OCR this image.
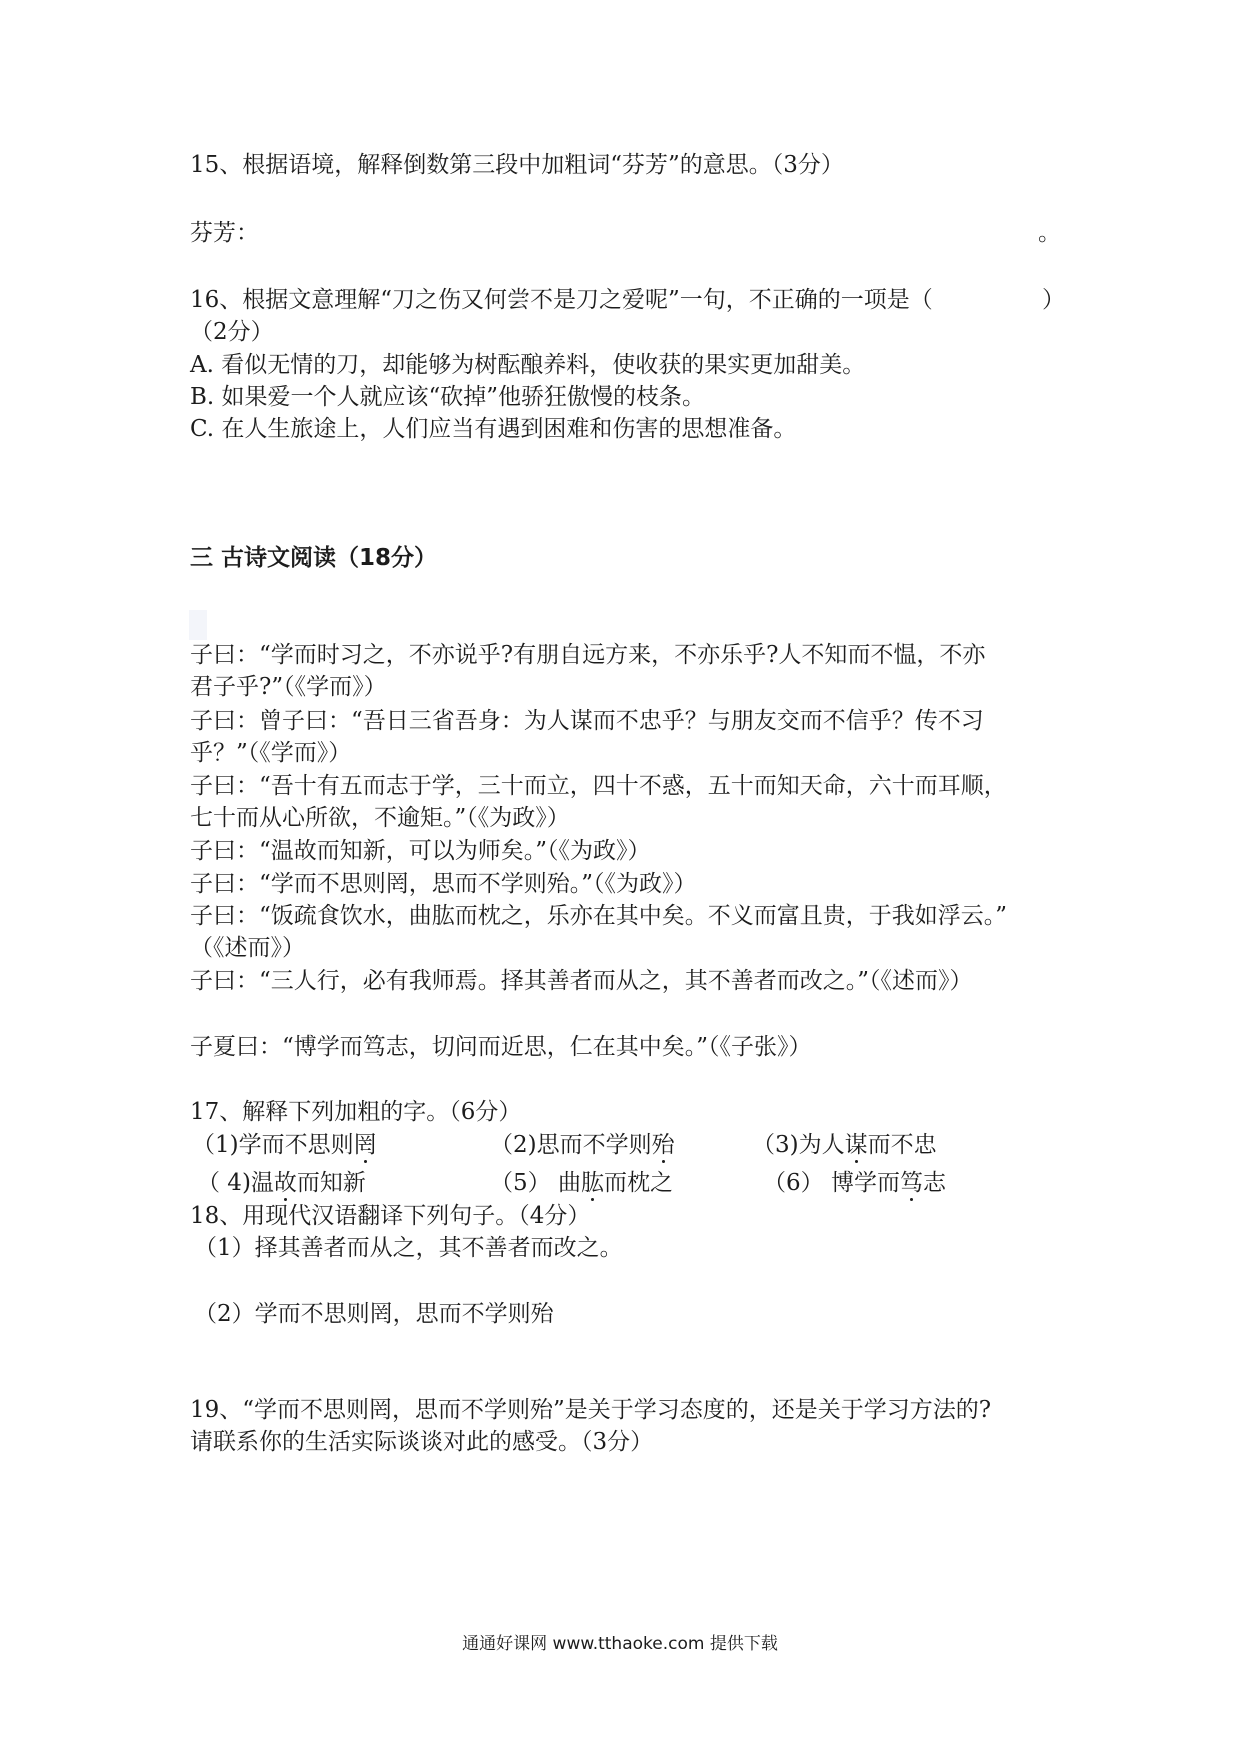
15、根据语境，解释倒数第三段中加粗词“芬芳”的意思。（3分）
芬芳：	。
16、根据文意理解“刀之伤又何尝不是刀之爱呢”一句，不正确的一项是（	）
（2分）
A. 看似无情的刀，却能够为树酝酿养料，使收获的果实更加甜美。
B. 如果爱一个人就应该“砍掉”他骄狂傲慢的枝条。
C. 在人生旅途上，人们应当有遇到困难和伤害的思想准备。
三 古诗文阅读（18分）
子曰：“学而时习之，不亦说乎?有朋自远方来，不亦乐乎?人不知而不愠，不亦
君子乎?”（《学而》）
子曰：曾子曰：“吾日三省吾身：为人谋而不忠乎？与朋友交而不信乎？传不习
乎？”（《学而》）
子曰：“吾十有五而志于学，三十而立，四十不惑，五十而知天命，六十而耳顺，
七十而从心所欲，不逾矩。”（《为政》）
子曰：“温故而知新，可以为师矣。”（《为政》）
子曰：“学而不思则罔，思而不学则殆。”（《为政》）
子曰：“饭疏食饮水，曲肱而枕之，乐亦在其中矣。不义而富且贵，于我如浮云。”
（《述而》）
子曰：“三人行，必有我师焉。择其善者而从之，其不善者而改之。”（《述而》）
子夏曰：“博学而笃志，切问而近思，仁在其中矣。”（《子张》）
17、解释下列加粗的字。（6分）
（1)学而不思则罔	（2)思而不学则殆	（3)为人谋而不忠
（ 4)温故而知新	（5） 曲肱而枕之	（6） 博学而笃志
18、用现代汉语翻译下列句子。（4分）
（1）择其善者而从之，其不善者而改之。
（2）学而不思则罔，思而不学则殆
19、“学而不思则罔，思而不学则殆”是关于学习态度的，还是关于学习方法的?
请联系你的生活实际谈谈对此的感受。（3分）
通通好课网 www.tthaoke.com 提供下载
